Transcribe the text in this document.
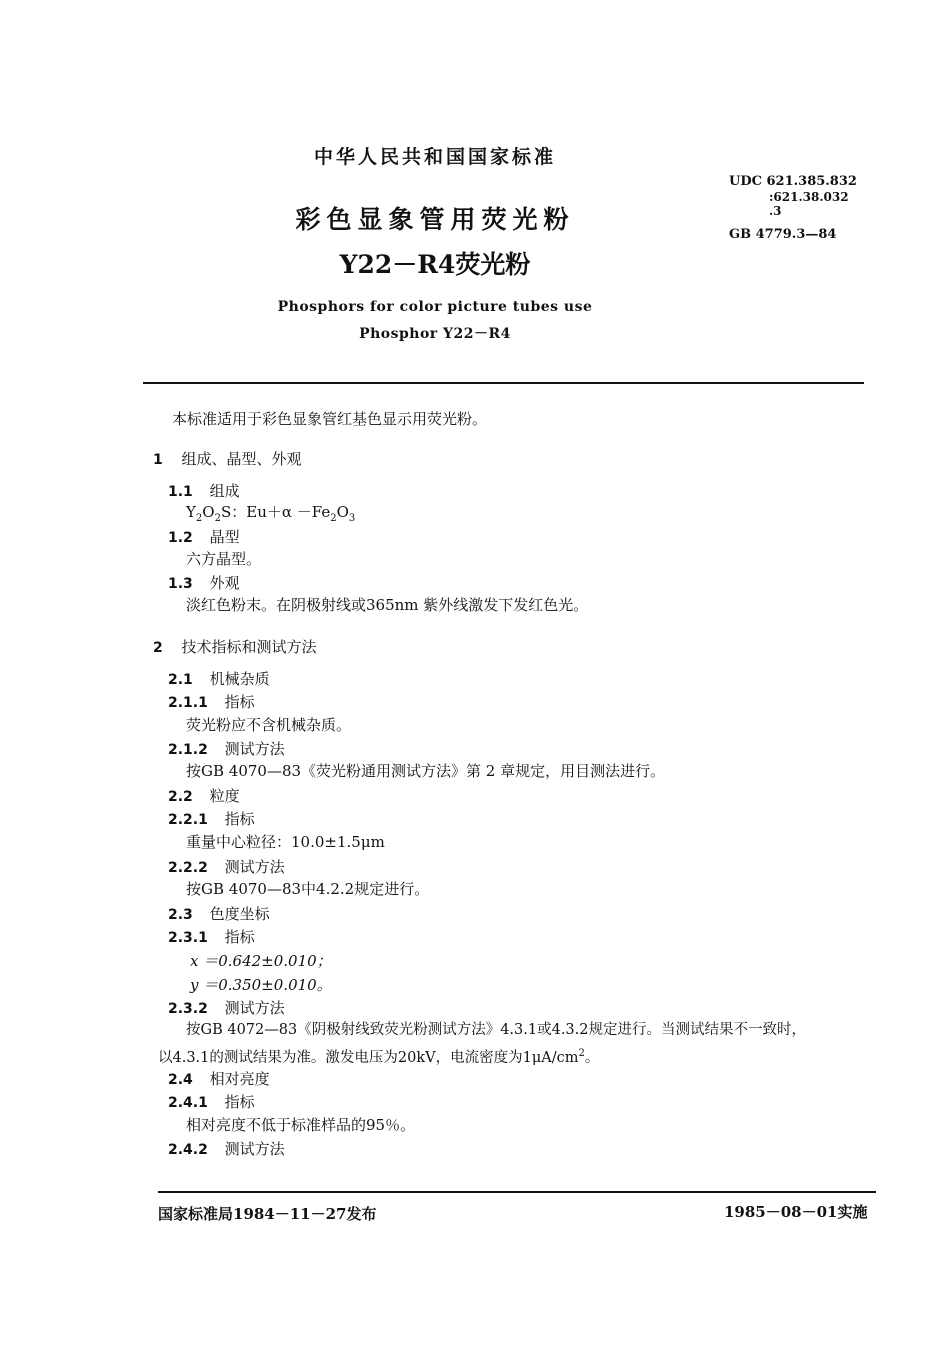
中华人民共和国国家标准
UDC 621.385.832
:621.38.032
.3
GB 4779.3—84
彩色显象管用荧光粉
Y22－R4荧光粉
Phosphors for color picture tubes use
Phosphor Y22－R4
本标准适用于彩色显象管红基色显示用荧光粉。
1 组成、晶型、外观
1.1 组成
$Y_2O_2S$：$Eu+\alpha -Fe_2O_3$
1.2 晶型
六方晶型。
1.3 外观
淡红色粉末。在阴极射线或365nm 紫外线激发下发红色光。
2 技术指标和测试方法
2.1 机械杂质
2.1.1 指标
荧光粉应不含机械杂质。
2.1.2 测试方法
按GB 4070—83《荧光粉通用测试方法》第 2 章规定，用目测法进行。
2.2 粒度
2.2.1 指标
重量中心粒径：10.0±1.5μm
2.2.2 测试方法
按GB 4070—83中4.2.2规定进行。
2.3 色度坐标
2.3.1 指标
x ＝0.642±0.010；
y ＝0.350±0.010。
2.3.2 测试方法
按GB 4072—83《阴极射线致荧光粉测试方法》4.3.1或4.3.2规定进行。当测试结果不一致时，
以4.3.1的测试结果为准。激发电压为20kV，电流密度为$1\mu A/cm^2$。
2.4 相对亮度
2.4.1 指标
相对亮度不低于标准样品的95％。
2.4.2 测试方法
国家标准局1984－11－27发布	1985－08－01实施
